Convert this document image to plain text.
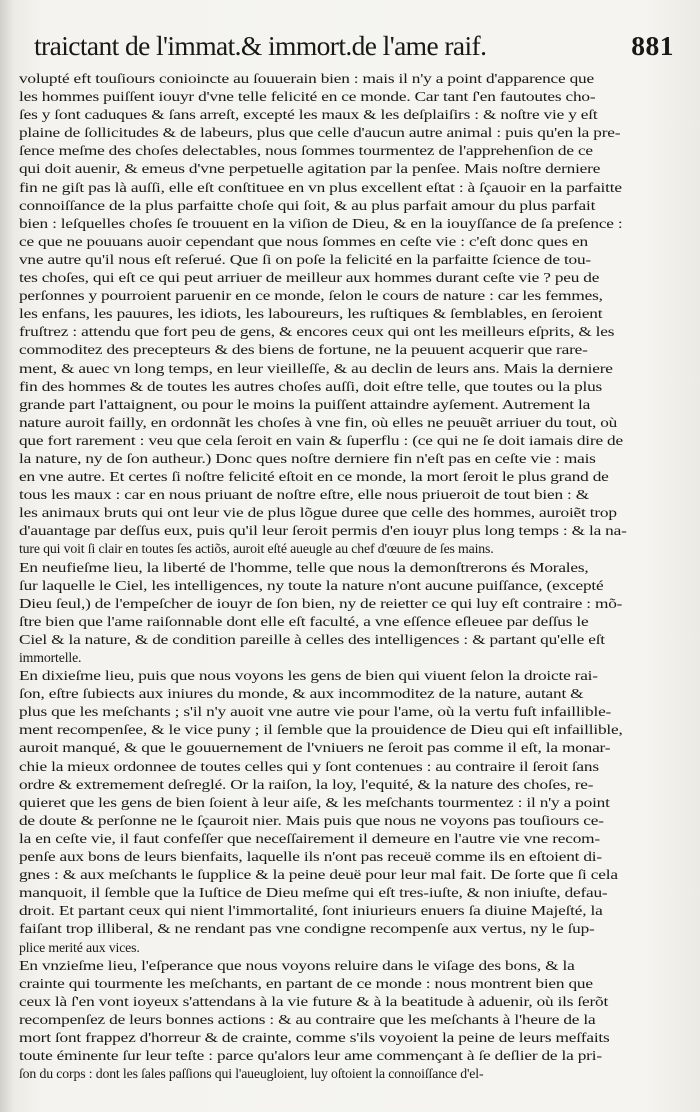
traictant de l'immat.& immort.de l'ame raif.	881
volupté eft touſiours conioincte au ſouuerain bien : mais il n'y a point d'apparence que
les hommes puiſſent iouyr d'vne telle felicité en ce monde. Car tant ſ'en fautoutes cho-
ſes y ſont caduques & ſans arreſt, excepté les maux & les deſplaiſirs : & noſtre vie y eſt
plaine de ſollicitudes & de labeurs, plus que celle d'aucun autre animal : puis qu'en la pre-
ſence meſme des choſes delectables, nous ſommes tourmentez de l'apprehenſion de ce
qui doit auenir, & emeus d'vne perpetuelle agitation par la penſee. Mais noſtre derniere
fin ne giſt pas là auſſi, elle eſt conſtituee en vn plus excellent eſtat : à ſçauoir en la parfaitte
connoiſſance de la plus parfaitte choſe qui ſoit, & au plus parfait amour du plus parfait
bien : leſquelles choſes ſe trouuent en la viſion de Dieu, & en la iouyſſance de ſa preſence :
ce que ne pouuans auoir cependant que nous ſommes en ceſte vie : c'eſt donc ques en
vne autre qu'il nous eſt reſerué. Que ſi on poſe la felicité en la parfaitte ſcience de tou-
tes choſes, qui eſt ce qui peut arriuer de meilleur aux hommes durant ceſte vie ? peu de
perſonnes y pourroient paruenir en ce monde, ſelon le cours de nature : car les femmes,
les enfans, les pauures, les idiots, les laboureurs, les ruſtiques & ſemblables, en ſeroient
fruſtrez : attendu que fort peu de gens, & encores ceux qui ont les meilleurs eſprits, & les
commoditez des precepteurs & des biens de fortune, ne la peuuent acquerir que rare-
ment, & auec vn long temps, en leur vieilleſſe, & au declin de leurs ans. Mais la derniere
fin des hommes & de toutes les autres choſes auſſi, doit eſtre telle, que toutes ou la plus
grande part l'attaignent, ou pour le moins la puiſſent attaindre ayſement. Autrement la
nature auroit failly, en ordonnãt les choſes à vne fin, où elles ne peuuẽt arriuer du tout, où
que fort rarement : veu que cela ſeroit en vain & ſuperflu : (ce qui ne ſe doit iamais dire de
la nature, ny de ſon autheur.) Donc ques noſtre derniere fin n'eſt pas en ceſte vie : mais
en vne autre. Et certes ſi noſtre felicité eſtoit en ce monde, la mort ſeroit le plus grand de
tous les maux : car en nous priuant de noſtre eſtre, elle nous priueroit de tout bien : &
les animaux bruts qui ont leur vie de plus lõgue duree que celle des hommes, auroiẽt trop
d'auantage par deſſus eux, puis qu'il leur ſeroit permis d'en iouyr plus long temps : & la na-
ture qui voit ſi clair en toutes ſes actiõs, auroit eſté aueugle au chef d'œuure de ſes mains.
En neufieſme lieu, la liberté de l'homme, telle que nous la demonſtrerons és Morales,
ſur laquelle le Ciel, les intelligences, ny toute la nature n'ont aucune puiſſance, (excepté
Dieu ſeul,) de l'empeſcher de iouyr de ſon bien, ny de reietter ce qui luy eſt contraire : mõ-
ſtre bien que l'ame raiſonnable dont elle eſt faculté, a vne eſſence eſleuee par deſſus le
Ciel & la nature, & de condition pareille à celles des intelligences : & partant qu'elle eſt
immortelle.
En dixieſme lieu, puis que nous voyons les gens de bien qui viuent ſelon la droicte rai-
ſon, eſtre ſubiects aux iniures du monde, & aux incommoditez de la nature, autant &
plus que les meſchants ; s'il n'y auoit vne autre vie pour l'ame, où la vertu fuſt infaillible-
ment recompenſee, & le vice puny ; il ſemble que la prouidence de Dieu qui eſt infaillible,
auroit manqué, & que le gouuernement de l'vniuers ne ſeroit pas comme il eſt, la monar-
chie la mieux ordonnee de toutes celles qui y ſont contenues : au contraire il ſeroit ſans
ordre & extremement deſreglé. Or la raiſon, la loy, l'equité, & la nature des choſes, re-
quieret que les gens de bien ſoient à leur aiſe, & les meſchants tourmentez : il n'y a point
de doute & perſonne ne le ſçauroit nier. Mais puis que nous ne voyons pas touſiours ce-
la en ceſte vie, il faut confeſſer que neceſſairement il demeure en l'autre vie vne recom-
penſe aux bons de leurs bienfaits, laquelle ils n'ont pas receuë comme ils en eſtoient di-
gnes : & aux meſchants le ſupplice & la peine deuë pour leur mal fait. De ſorte que ſi cela
manquoit, il ſemble que la Iuſtice de Dieu meſme qui eſt tres-iuſte, & non iniuſte, defau-
droit. Et partant ceux qui nient l'immortalité, ſont iniurieurs enuers ſa diuine Majeſté, la
faiſant trop illiberal, & ne rendant pas vne condigne recompenſe aux vertus, ny le ſup-
plice merité aux vices.
En vnzieſme lieu, l'eſperance que nous voyons reluire dans le viſage des bons, & la
crainte qui tourmente les meſchants, en partant de ce monde : nous montrent bien que
ceux là ſ'en vont ioyeux s'attendans à la vie future & à la beatitude à aduenir, où ils ſerõt
recompenſez de leurs bonnes actions : & au contraire que les meſchants à l'heure de la
mort ſont frappez d'horreur & de crainte, comme s'ils voyoient la peine de leurs meſfaits
toute éminente ſur leur teſte : parce qu'alors leur ame commençant à ſe deſlier de la pri-
ſon du corps : dont les ſales paſſions qui l'aueugloient, luy oſtoient la connoiſſance d'el-
